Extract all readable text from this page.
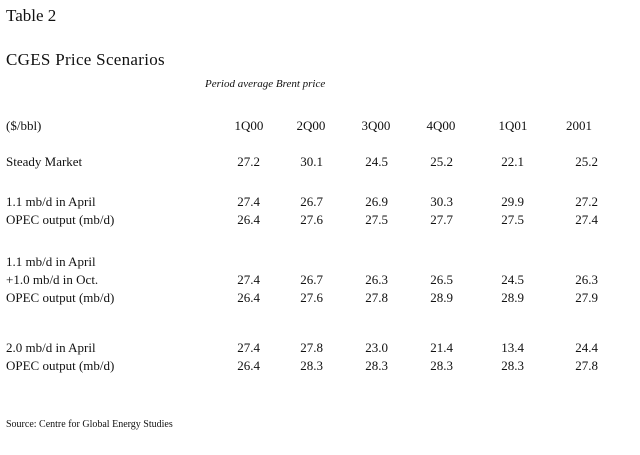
Table 2
CGES Price Scenarios
Period average Brent price
($/bbl)	1Q00	2Q00	3Q00	4Q00	1Q01	2001
Steady Market	27.2	30.1	24.5	25.2	22.1	25.2
1.1 mb/d in April	27.4	26.7	26.9	30.3	29.9	27.2
OPEC output (mb/d)	26.4	27.6	27.5	27.7	27.5	27.4
1.1 mb/d in April
+1.0 mb/d in Oct.	27.4	26.7	26.3	26.5	24.5	26.3
OPEC output (mb/d)	26.4	27.6	27.8	28.9	28.9	27.9
2.0 mb/d in April	27.4	27.8	23.0	21.4	13.4	24.4
OPEC output (mb/d)	26.4	28.3	28.3	28.3	28.3	27.8
Source: Centre for Global Energy Studies
